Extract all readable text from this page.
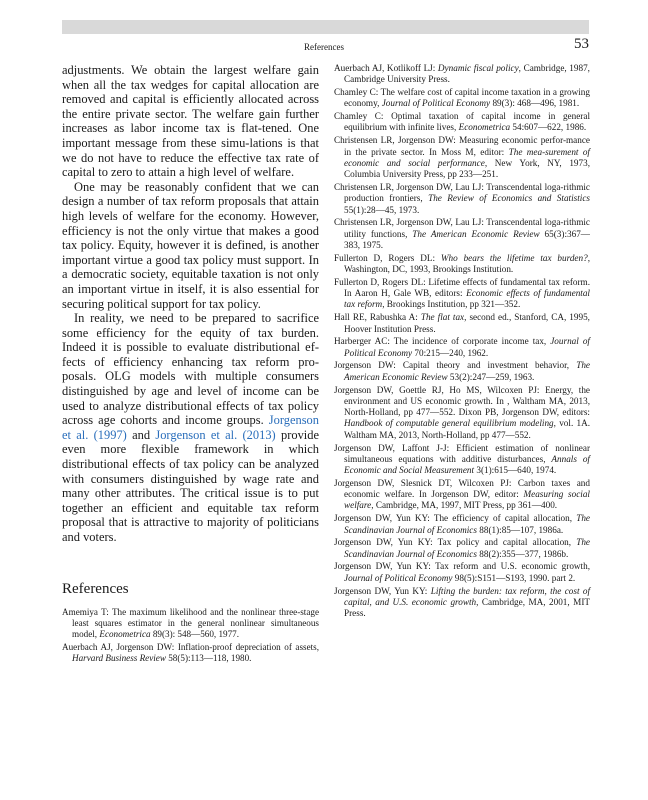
References	53

adjustments. We obtain the largest welfare gain when all the tax wedges for capital allocation are removed and capital is efficiently allocated across the entire private sector. The welfare gain further increases as labor income tax is flat-tened. One important message from these simu-lations is that we do not have to reduce the effective tax rate of capital to zero to attain a high level of welfare.

One may be reasonably confident that we can design a number of tax reform proposals that attain high levels of welfare for the economy. However, efficiency is not the only virtue that makes a good tax policy. Equity, however it is defined, is another important virtue a good tax policy must support. In a democratic society, equitable taxation is not only an important virtue in itself, it is also essential for securing political support for tax policy.

In reality, we need to be prepared to sacrifice some efficiency for the equity of tax burden. Indeed it is possible to evaluate distributional ef-fects of efficiency enhancing tax reform pro-posals. OLG models with multiple consumers distinguished by age and level of income can be used to analyze distributional effects of tax policy across age cohorts and income groups. Jorgenson et al. (1997) and Jorgenson et al. (2013) provide even more flexible framework in which distributional effects of tax policy can be analyzed with consumers distinguished by wage rate and many other attributes. The critical issue is to put together an efficient and equitable tax reform proposal that is attractive to majority of politicians and voters.

References

Amemiya T: The maximum likelihood and the nonlinear three-stage least squares estimator in the general nonlinear simultaneous model, Econometrica 89(3): 548—560, 1977.

Auerbach AJ, Jorgenson DW: Inflation-proof depreciation of assets, Harvard Business Review 58(5):113—118, 1980.

Auerbach AJ, Kotlikoff LJ: Dynamic fiscal policy, Cambridge, 1987, Cambridge University Press.

Chamley C: The welfare cost of capital income taxation in a growing economy, Journal of Political Economy 89(3): 468—496, 1981.

Chamley C: Optimal taxation of capital income in general equilibrium with infinite lives, Econometrica 54:607—622, 1986.

Christensen LR, Jorgenson DW: Measuring economic perfor-mance in the private sector. In Moss M, editor: The mea-surement of economic and social performance, New York, NY, 1973, Columbia University Press, pp 233—251.

Christensen LR, Jorgenson DW, Lau LJ: Transcendental loga-rithmic production frontiers, The Review of Economics and Statistics 55(1):28—45, 1973.

Christensen LR, Jorgenson DW, Lau LJ: Transcendental loga-rithmic utility functions, The American Economic Review 65(3):367—383, 1975.

Fullerton D, Rogers DL: Who bears the lifetime tax burden?, Washington, DC, 1993, Brookings Institution.

Fullerton D, Rogers DL: Lifetime effects of fundamental tax reform. In Aaron H, Gale WB, editors: Economic effects of fundamental tax reform, Brookings Institution, pp 321—352.

Hall RE, Rabushka A: The flat tax, second ed., Stanford, CA, 1995, Hoover Institution Press.

Harberger AC: The incidence of corporate income tax, Journal of Political Economy 70:215—240, 1962.

Jorgenson DW: Capital theory and investment behavior, The American Economic Review 53(2):247—259, 1963.

Jorgenson DW, Goettle RJ, Ho MS, Wilcoxen PJ: Energy, the environment and US economic growth. In , Waltham MA, 2013, North-Holland, pp 477—552. Dixon PB, Jorgenson DW, editors: Handbook of computable general equilibrium modeling, vol. 1A. Waltham MA, 2013, North-Holland, pp 477—552.

Jorgenson DW, Laffont J-J: Efficient estimation of nonlinear simultaneous equations with additive disturbances, Annals of Economic and Social Measurement 3(1):615—640, 1974.

Jorgenson DW, Slesnick DT, Wilcoxen PJ: Carbon taxes and economic welfare. In Jorgenson DW, editor: Measuring social welfare, Cambridge, MA, 1997, MIT Press, pp 361—400.

Jorgenson DW, Yun KY: The efficiency of capital allocation, The Scandinavian Journal of Economics 88(1):85—107, 1986a.

Jorgenson DW, Yun KY: Tax policy and capital allocation, The Scandinavian Journal of Economics 88(2):355—377, 1986b.

Jorgenson DW, Yun KY: Tax reform and U.S. economic growth, Journal of Political Economy 98(5):S151—S193, 1990. part 2.

Jorgenson DW, Yun KY: Lifting the burden: tax reform, the cost of capital, and U.S. economic growth, Cambridge, MA, 2001, MIT Press.
